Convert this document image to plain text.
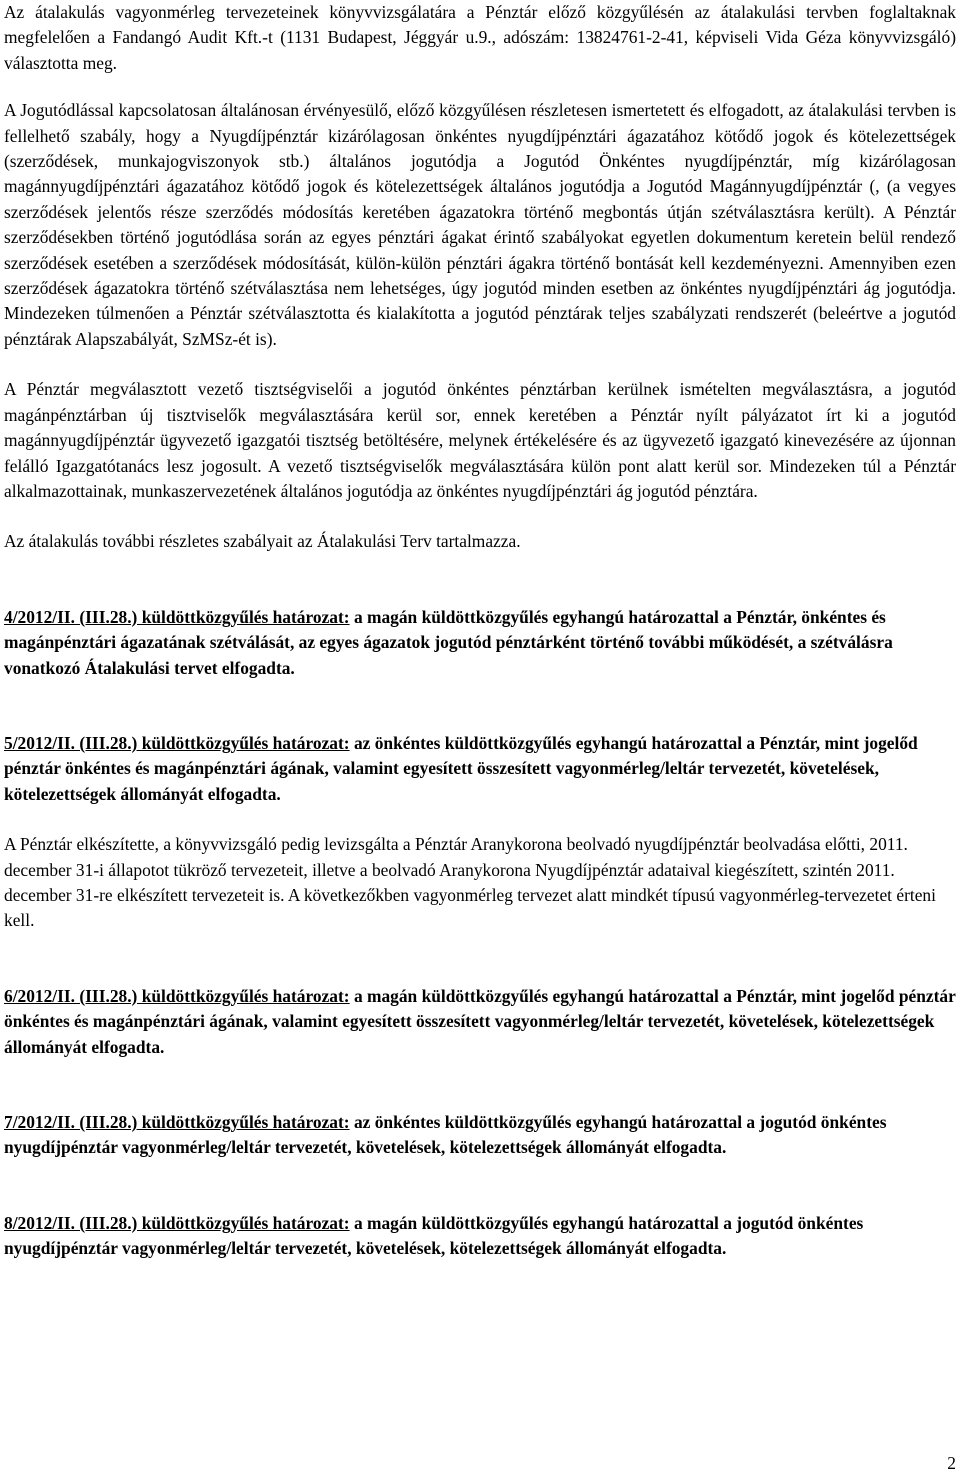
Az átalakulás vagyonmérleg tervezeteinek könyvvizsgálatára a Pénztár előző közgyűlésén az átalakulási tervben foglaltaknak megfelelően a Fandangó Audit Kft.-t (1131 Budapest, Jéggyár u.9., adószám: 13824761-2-41, képviseli Vida Géza könyvvizsgáló) választotta meg.

A Jogutódlással kapcsolatosan általánosan érvényesülő, előző közgyűlésen részletesen ismertetett és elfogadott, az átalakulási tervben is fellelhető szabály, hogy a Nyugdíjpénztár kizárólagosan önkéntes nyugdíjpénztári ágazatához kötődő jogok és kötelezettségek (szerződések, munkajogviszonyok stb.) általános jogutódja a Jogutód Önkéntes nyugdíjpénztár, míg kizárólagosan magánnyugdíjpénztári ágazatához kötődő jogok és kötelezettségek általános jogutódja a Jogutód Magánnyugdíjpénztár (, (a vegyes szerződések jelentős része szerződés módosítás keretében ágazatokra történő megbontás útján szétválasztásra került). A Pénztár szerződésekben történő jogutódlása során az egyes pénztári ágakat érintő szabályokat egyetlen dokumentum keretein belül rendező szerződések esetében a szerződések módosítását, külön-külön pénztári ágakra történő bontását kell kezdeményezni. Amennyiben ezen szerződések ágazatokra történő szétválasztása nem lehetséges, úgy jogutód minden esetben az önkéntes nyugdíjpénztári ág jogutódja. Mindezeken túlmenően a Pénztár szétválasztotta és kialakította a jogutód pénztárak teljes szabályzati rendszerét (beleértve a jogutód pénztárak Alapszabályát, SzMSz-ét is).

A Pénztár megválasztott vezető tisztségviselői a jogutód önkéntes pénztárban kerülnek ismételten megválasztásra, a jogutód magánpénztárban új tisztviselők megválasztására kerül sor, ennek keretében a Pénztár nyílt pályázatot írt ki a jogutód magánnyugdíjpénztár ügyvezető igazgatói tisztség betöltésére, melynek értékelésére és az ügyvezető igazgató kinevezésére az újonnan felálló Igazgatótanács lesz jogosult. A vezető tisztségviselők megválasztására külön pont alatt kerül sor. Mindezeken túl a Pénztár alkalmazottainak, munkaszervezetének általános jogutódja az önkéntes nyugdíjpénztári ág jogutód pénztára.

Az átalakulás további részletes szabályait az Átalakulási Terv tartalmazza.

4/2012/II. (III.28.) küldöttközgyűlés határozat: a magán küldöttközgyűlés egyhangú határozattal a Pénztár, önkéntes és magánpénztári ágazatának szétválását, az egyes ágazatok jogutód pénztárként történő további működését, a szétválásra vonatkozó Átalakulási tervet elfogadta.

5/2012/II. (III.28.) küldöttközgyűlés határozat: az önkéntes küldöttközgyűlés egyhangú határozattal a Pénztár, mint jogelőd pénztár önkéntes és magánpénztári ágának, valamint egyesített összesített vagyonmérleg/leltár tervezetét, követelések, kötelezettségek állományát elfogadta.

A Pénztár elkészítette, a könyvvizsgáló pedig levizsgálta a Pénztár Aranykorona beolvadó nyugdíjpénztár beolvadása előtti, 2011. december 31-i állapotot tükröző tervezeteit, illetve a beolvadó Aranykorona Nyugdíjpénztár adataival kiegészített, szintén 2011. december 31-re elkészített tervezeteit is. A következőkben vagyonmérleg tervezet alatt mindkét típusú vagyonmérleg-tervezetet érteni kell.

6/2012/II. (III.28.) küldöttközgyűlés határozat: a magán küldöttközgyűlés egyhangú határozattal a Pénztár, mint jogelőd pénztár önkéntes és magánpénztári ágának, valamint egyesített összesített vagyonmérleg/leltár tervezetét, követelések, kötelezettségek állományát elfogadta.

7/2012/II. (III.28.) küldöttközgyűlés határozat: az önkéntes küldöttközgyűlés egyhangú határozattal a jogutód önkéntes nyugdíjpénztár vagyonmérleg/leltár tervezetét, követelések, kötelezettségek állományát elfogadta.

8/2012/II. (III.28.) küldöttközgyűlés határozat: a magán küldöttközgyűlés egyhangú határozattal a jogutód önkéntes nyugdíjpénztár vagyonmérleg/leltár tervezetét, követelések, kötelezettségek állományát elfogadta.

2
